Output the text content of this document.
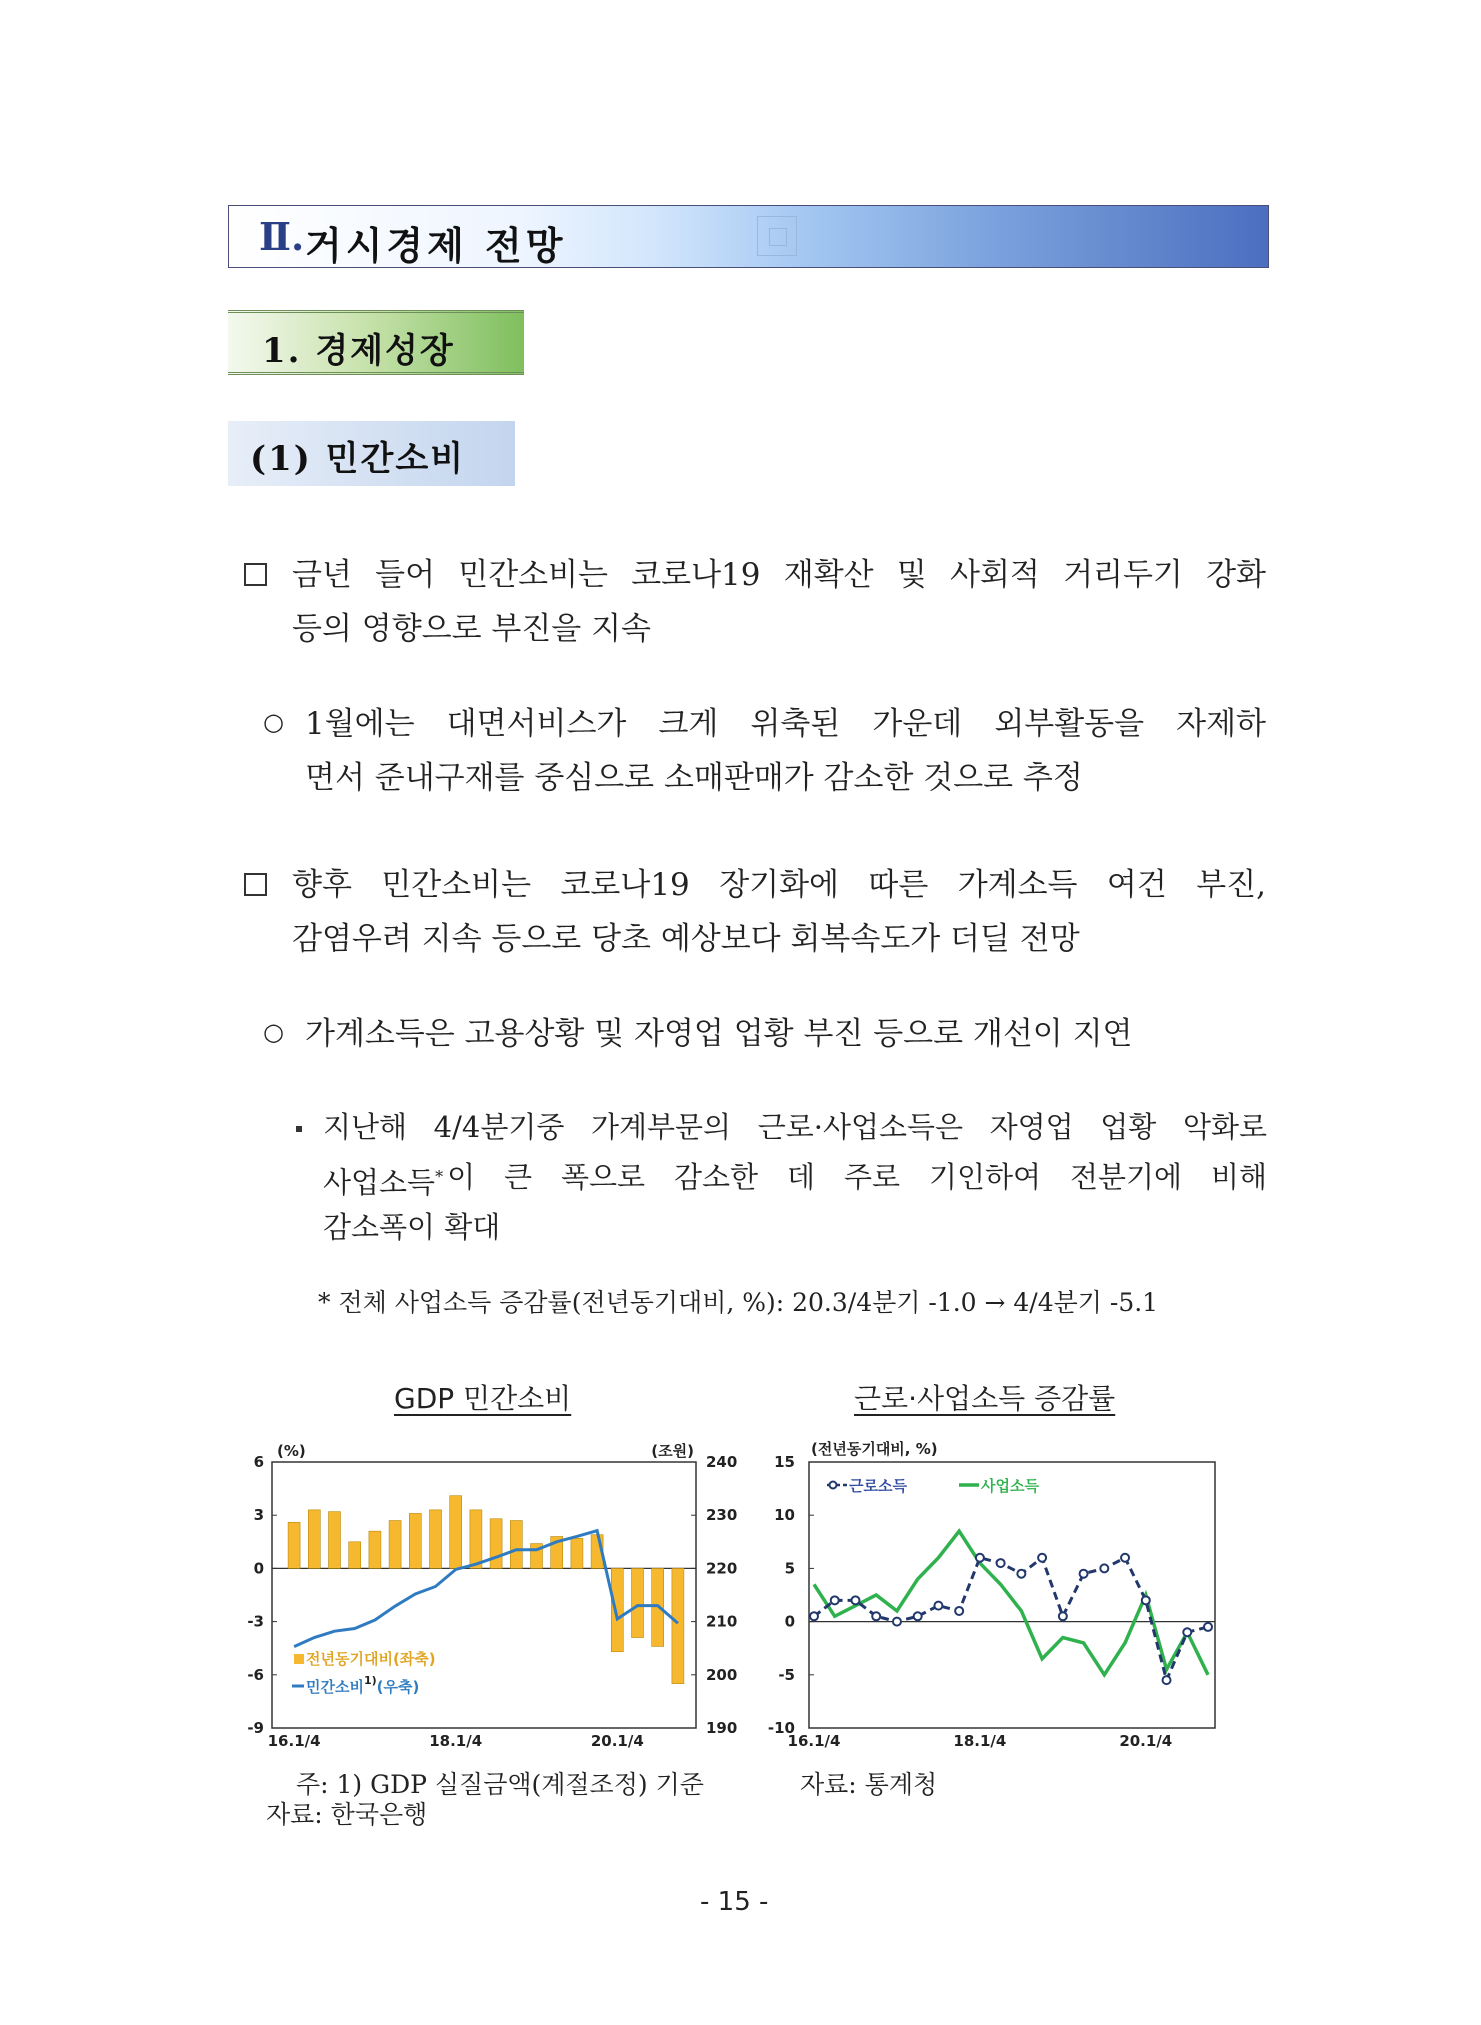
Ⅱ. 거시경제 전망
1. 경제성장
(1) 민간소비
금년 들어 민간소비는 코로나19 재확산 및 사회적 거리두기 강화
등의 영향으로 부진을 지속
○ 1월에는 대면서비스가 크게 위축된 가운데 외부활동을 자제하
면서 준내구재를 중심으로 소매판매가 감소한 것으로 추정
향후 민간소비는 코로나19 장기화에 따른 가계소득 여건 부진,
감염우려 지속 등으로 당초 예상보다 회복속도가 더딜 전망
○ 가계소득은 고용상황 및 자영업 업황 부진 등으로 개선이 지연
지난해 4/4분기중 가계부문의 근로·사업소득은 자영업 업황 악화로
사업소득* 이 큰 폭으로 감소한 데 주로 기인하여 전분기에 비해
감소폭이 확대
* 전체 사업소득 증감률(전년동기대비, %): 20.3/4분기 -1.0 → 4/4분기 -5.1
GDP 민간소비	근로·사업소득 증감률
6
3
0
-3
-6
-9
240
230
220
210
200
190
(%)	(조원)
16.1/4	18.1/4	20.1/4
전년동기대비(좌축)
민간소비$^{1)}$(우축)
15
10
5
0
-5
-10
(전년동기대비, %)
16.1/4	18.1/4	20.1/4
근로소득	사업소득
주: 1) GDP 실질금액(계절조정) 기준
자료: 한국은행
자료: 통계청
- 15 -
